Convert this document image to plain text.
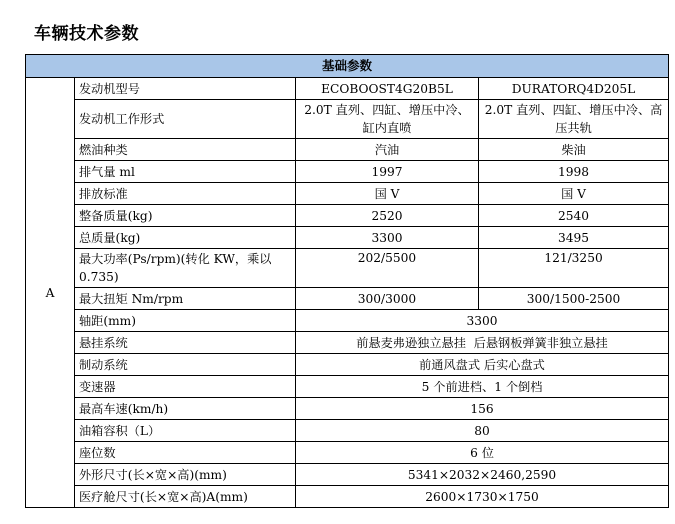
车辆技术参数
基础参数			
A	发动机型号	ECOBOOST4G20B5L	DURATORQ4D205L
	发动机工作形式	2.0T 直列、四缸、增压中冷、缸内直喷	2.0T 直列、四缸、增压中冷、高压共轨
	燃油种类	汽油	柴油
	排气量 ml	1997	1998
	排放标准	国 V	国 V
	整备质量(kg)	2520	2540
	总质量(kg)	3300	3495
	最大功率(Ps/rpm)(转化 KW，乘以 0.735)	202/5500	121/3250
	最大扭矩 Nm/rpm	300/3000	300/1500-2500
	轴距(mm)	3300	
	悬挂系统	前悬麦弗逊独立悬挂  后悬钢板弹簧非独立悬挂	
	制动系统	前通风盘式 后实心盘式	
	变速器	5 个前进档、1 个倒档	
	最高车速(km/h)	156	
	油箱容积（L）	80	
	座位数	6 位	
	外形尺寸(长×宽×高)(mm)	5341×2032×2460,2590	
	医疗舱尺寸(长×宽×高)A(mm)	2600×1730×1750	
